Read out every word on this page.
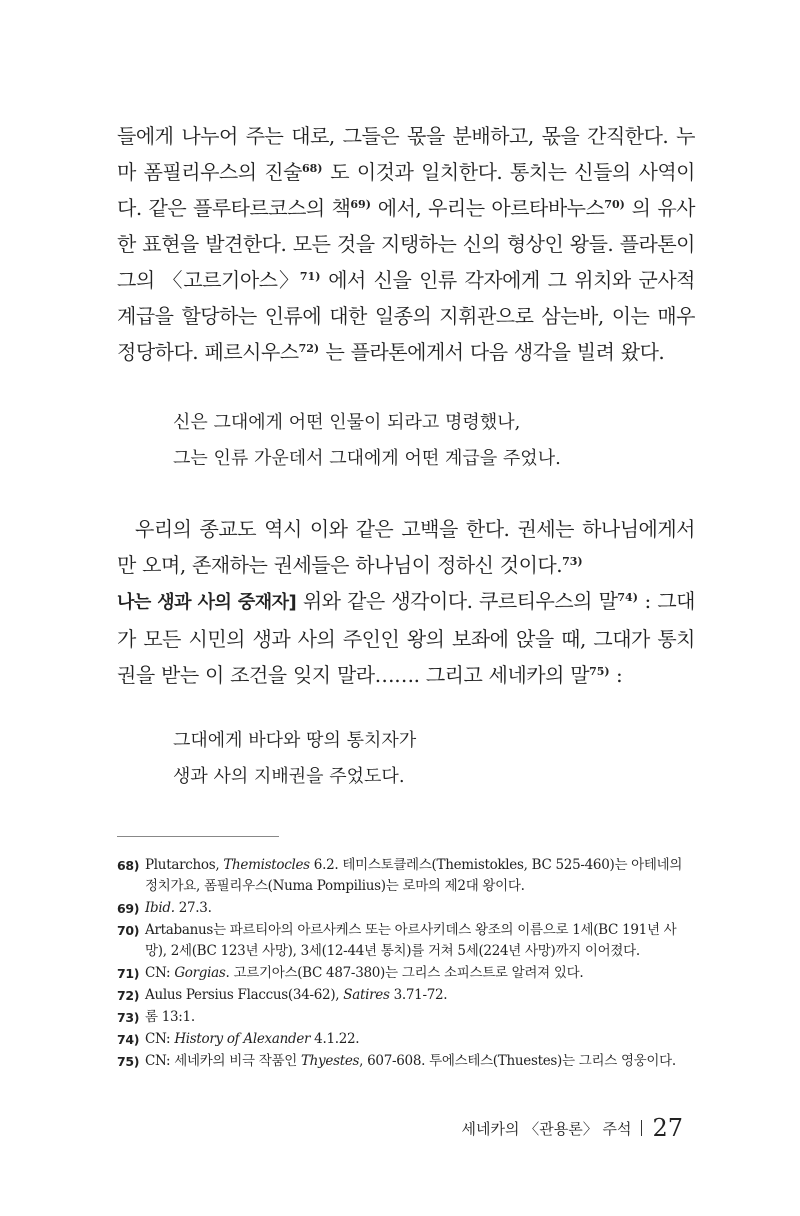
들에게 나누어 주는 대로, 그들은 몫을 분배하고, 몫을 간직한다. 누마 폼필리우스의 진술$^{68)}$ 도 이것과 일치한다. 통치는 신들의 사역이다. 같은 플루타르코스의 책$^{69)}$ 에서, 우리는 아르타바누스$^{70)}$ 의 유사한 표현을 발견한다. 모든 것을 지탱하는 신의 형상인 왕들. 플라톤이 그의 〈고르기아스〉$^{71)}$ 에서 신을 인류 각자에게 그 위치와 군사적 계급을 할당하는 인류에 대한 일종의 지휘관으로 삼는바, 이는 매우 정당하다. 페르시우스$^{72)}$ 는 플라톤에게서 다음 생각을 빌려 왔다.
신은 그대에게 어떤 인물이 되라고 명령했나,
그는 인류 가운데서 그대에게 어떤 계급을 주었나.
우리의 종교도 역시 이와 같은 고백을 한다. 권세는 하나님에게서만 오며, 존재하는 권세들은 하나님이 정하신 것이다.$^{73)}$
나는 생과 사의 중재자] 위와 같은 생각이다. 쿠르티우스의 말$^{74)}$ : 그대가 모든 시민의 생과 사의 주인인 왕의 보좌에 앉을 때, 그대가 통치권을 받는 이 조건을 잊지 말라……. 그리고 세네카의 말$^{75)}$ :
그대에게 바다와 땅의 통치자가
생과 사의 지배권을 주었도다.
68) Plutarchos, Themistocles 6.2. 테미스토클레스(Themistokles, BC 525-460)는 아테네의 정치가요, 폼필리우스(Numa Pompilius)는 로마의 제2대 왕이다.
69) Ibid. 27.3.
70) Artabanus는 파르티아의 아르사케스 또는 아르사키데스 왕조의 이름으로 1세(BC 191년 사망), 2세(BC 123년 사망), 3세(12-44년 통치)를 거쳐 5세(224년 사망)까지 이어졌다.
71) CN: Gorgias. 고르기아스(BC 487-380)는 그리스 소피스트로 알려져 있다.
72) Aulus Persius Flaccus(34-62), Satires 3.71-72.
73) 롬 13:1.
74) CN: History of Alexander 4.1.22.
75) CN: 세네카의 비극 작품인 Thyestes, 607-608. 투에스테스(Thuestes)는 그리스 영웅이다.
세네카의 〈관용론〉 주석 27
